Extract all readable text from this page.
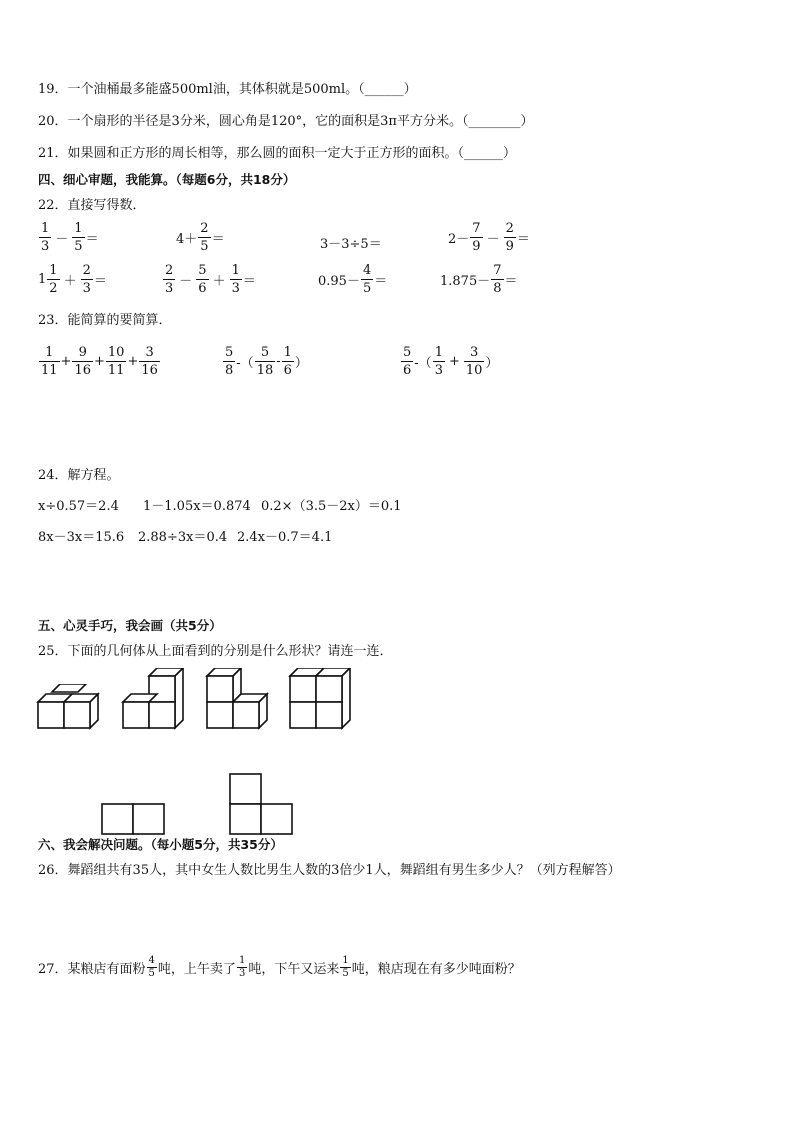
19．一个油桶最多能盛500ml油，其体积就是500ml。（______）
20．一个扇形的半径是3分米，圆心角是120°，它的面积是3π平方分米。（________）
21．如果圆和正方形的周长相等，那么圆的面积一定大于正方形的面积。（______）
四、细心审题，我能算。（每题6分，共18分）
22．直接写得数．
$\frac{1}{3} - \frac{1}{5}$ ＝	$4+ \frac{2}{5}$ ＝	3－3÷5＝	$2- \frac{7}{9} - \frac{2}{9}$ ＝
$1 \frac{1}{2} + \frac{2}{3}$ ＝	$\frac{2}{3} - \frac{5}{6} + \frac{1}{3}$ ＝	$0.95- \frac{4}{5}$ ＝	$1.875- \frac{7}{8}$ ＝
23．能简算的要简算．
$\frac{1}{11} + \frac{9}{16} + \frac{10}{11} + \frac{3}{16}$	$\frac{5}{8}$ -（ $\frac{5}{18} - \frac{1}{6}$ ）	$\frac{5}{6}$ -（ $\frac{1}{3} + \frac{3}{10}$ ）
24．解方程。
x÷0.57＝2.4 1－1.05x＝0.874 0.2×（3.5－2x）＝0.1
8x－3x＝15.6 2.88÷3x＝0.4 2.4x－0.7＝4.1
五、心灵手巧，我会画（共5分）
25．下面的几何体从上面看到的分别是什么形状？请连一连．
六、我会解决问题。（每小题5分，共35分）
26．舞蹈组共有35人，其中女生人数比男生人数的3倍少1人，舞蹈组有男生多少人？（列方程解答）
27．某粮店有面粉 $\frac{4}{5}$ 吨，上午卖了 $\frac{1}{3}$ 吨，下午又运来 $\frac{1}{5}$ 吨，粮店现在有多少吨面粉？
